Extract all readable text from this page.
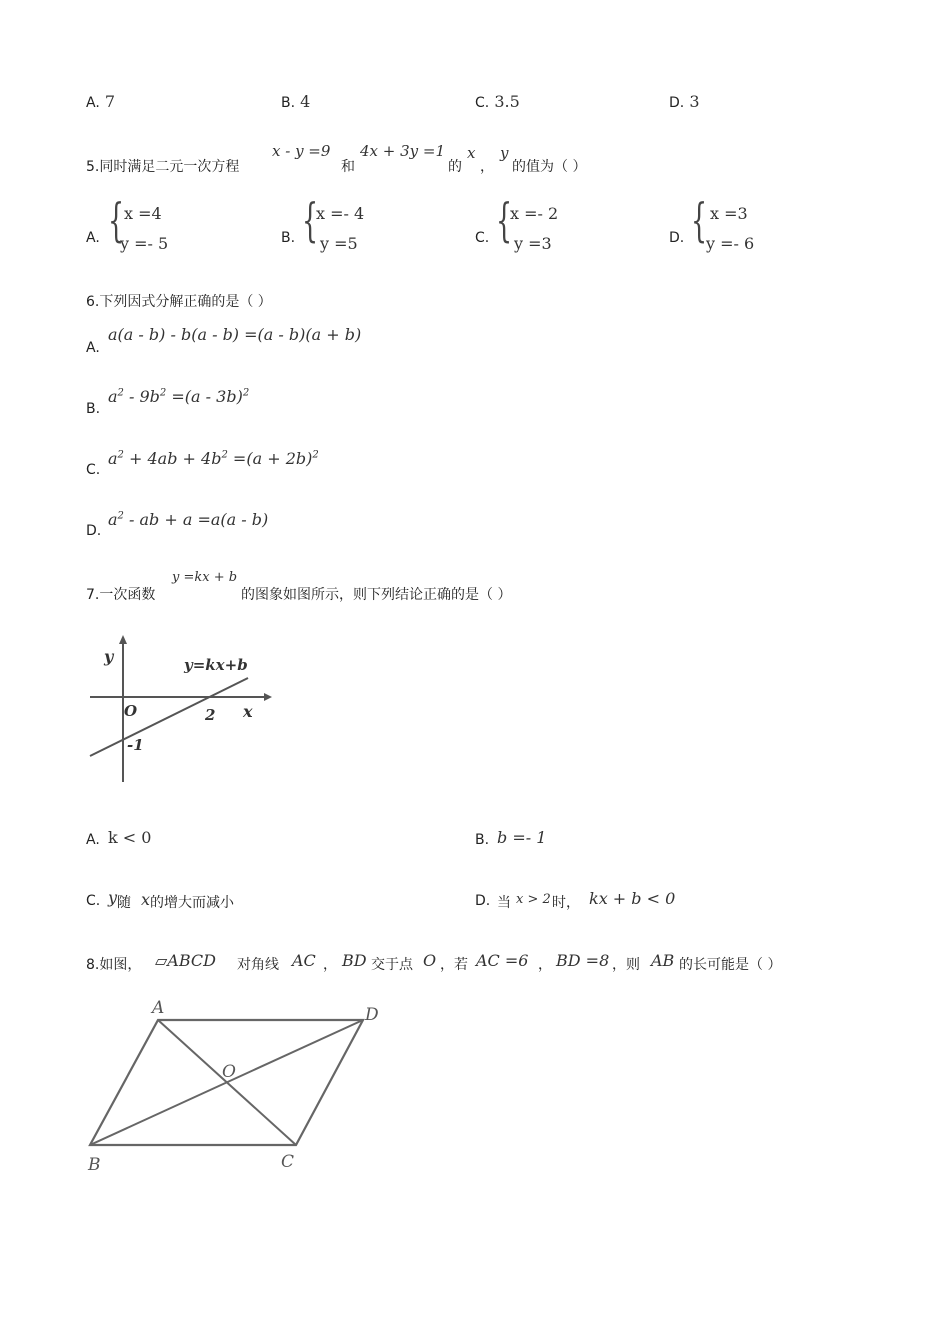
A. 7	B. 4	C. 3.5	D. 3
5.同时满足二元一次方程
x - y =9
和
4x + 3y =1
的
x
，
y
的值为（ ）
A. { x =4
y =- 5	B. {
x =- 4
y =5	C. {
x =- 2
y =3	D. { x =3
y =- 6
6.下列因式分解正确的是（ ）
A.
a(a - b) - b(a - b) =(a - b)(a + b)
B.
$a^2 - 9b^2 =(a - 3b)^2$
C.
$a^2 + 4ab + 4b^2 =(a + 2b)^2$
D.
$a^2$ - ab + a =a(a - b)
7.一次函数
y =kx + b
的图象如图所示，则下列结论正确的是（ ）
y
x
O
y=kx+b
2
-1
A. k < 0	B. b =- 1
C. y 随 x 的增大而减小	D. 当 x > 2 时， kx + b < 0
8.如图， ▱ABCD 对角线 AC ， BD 交于点 O ，若 AC =6 ， BD =8 ，则 AB 的长可能是（ ）
A	D
B	C
O
